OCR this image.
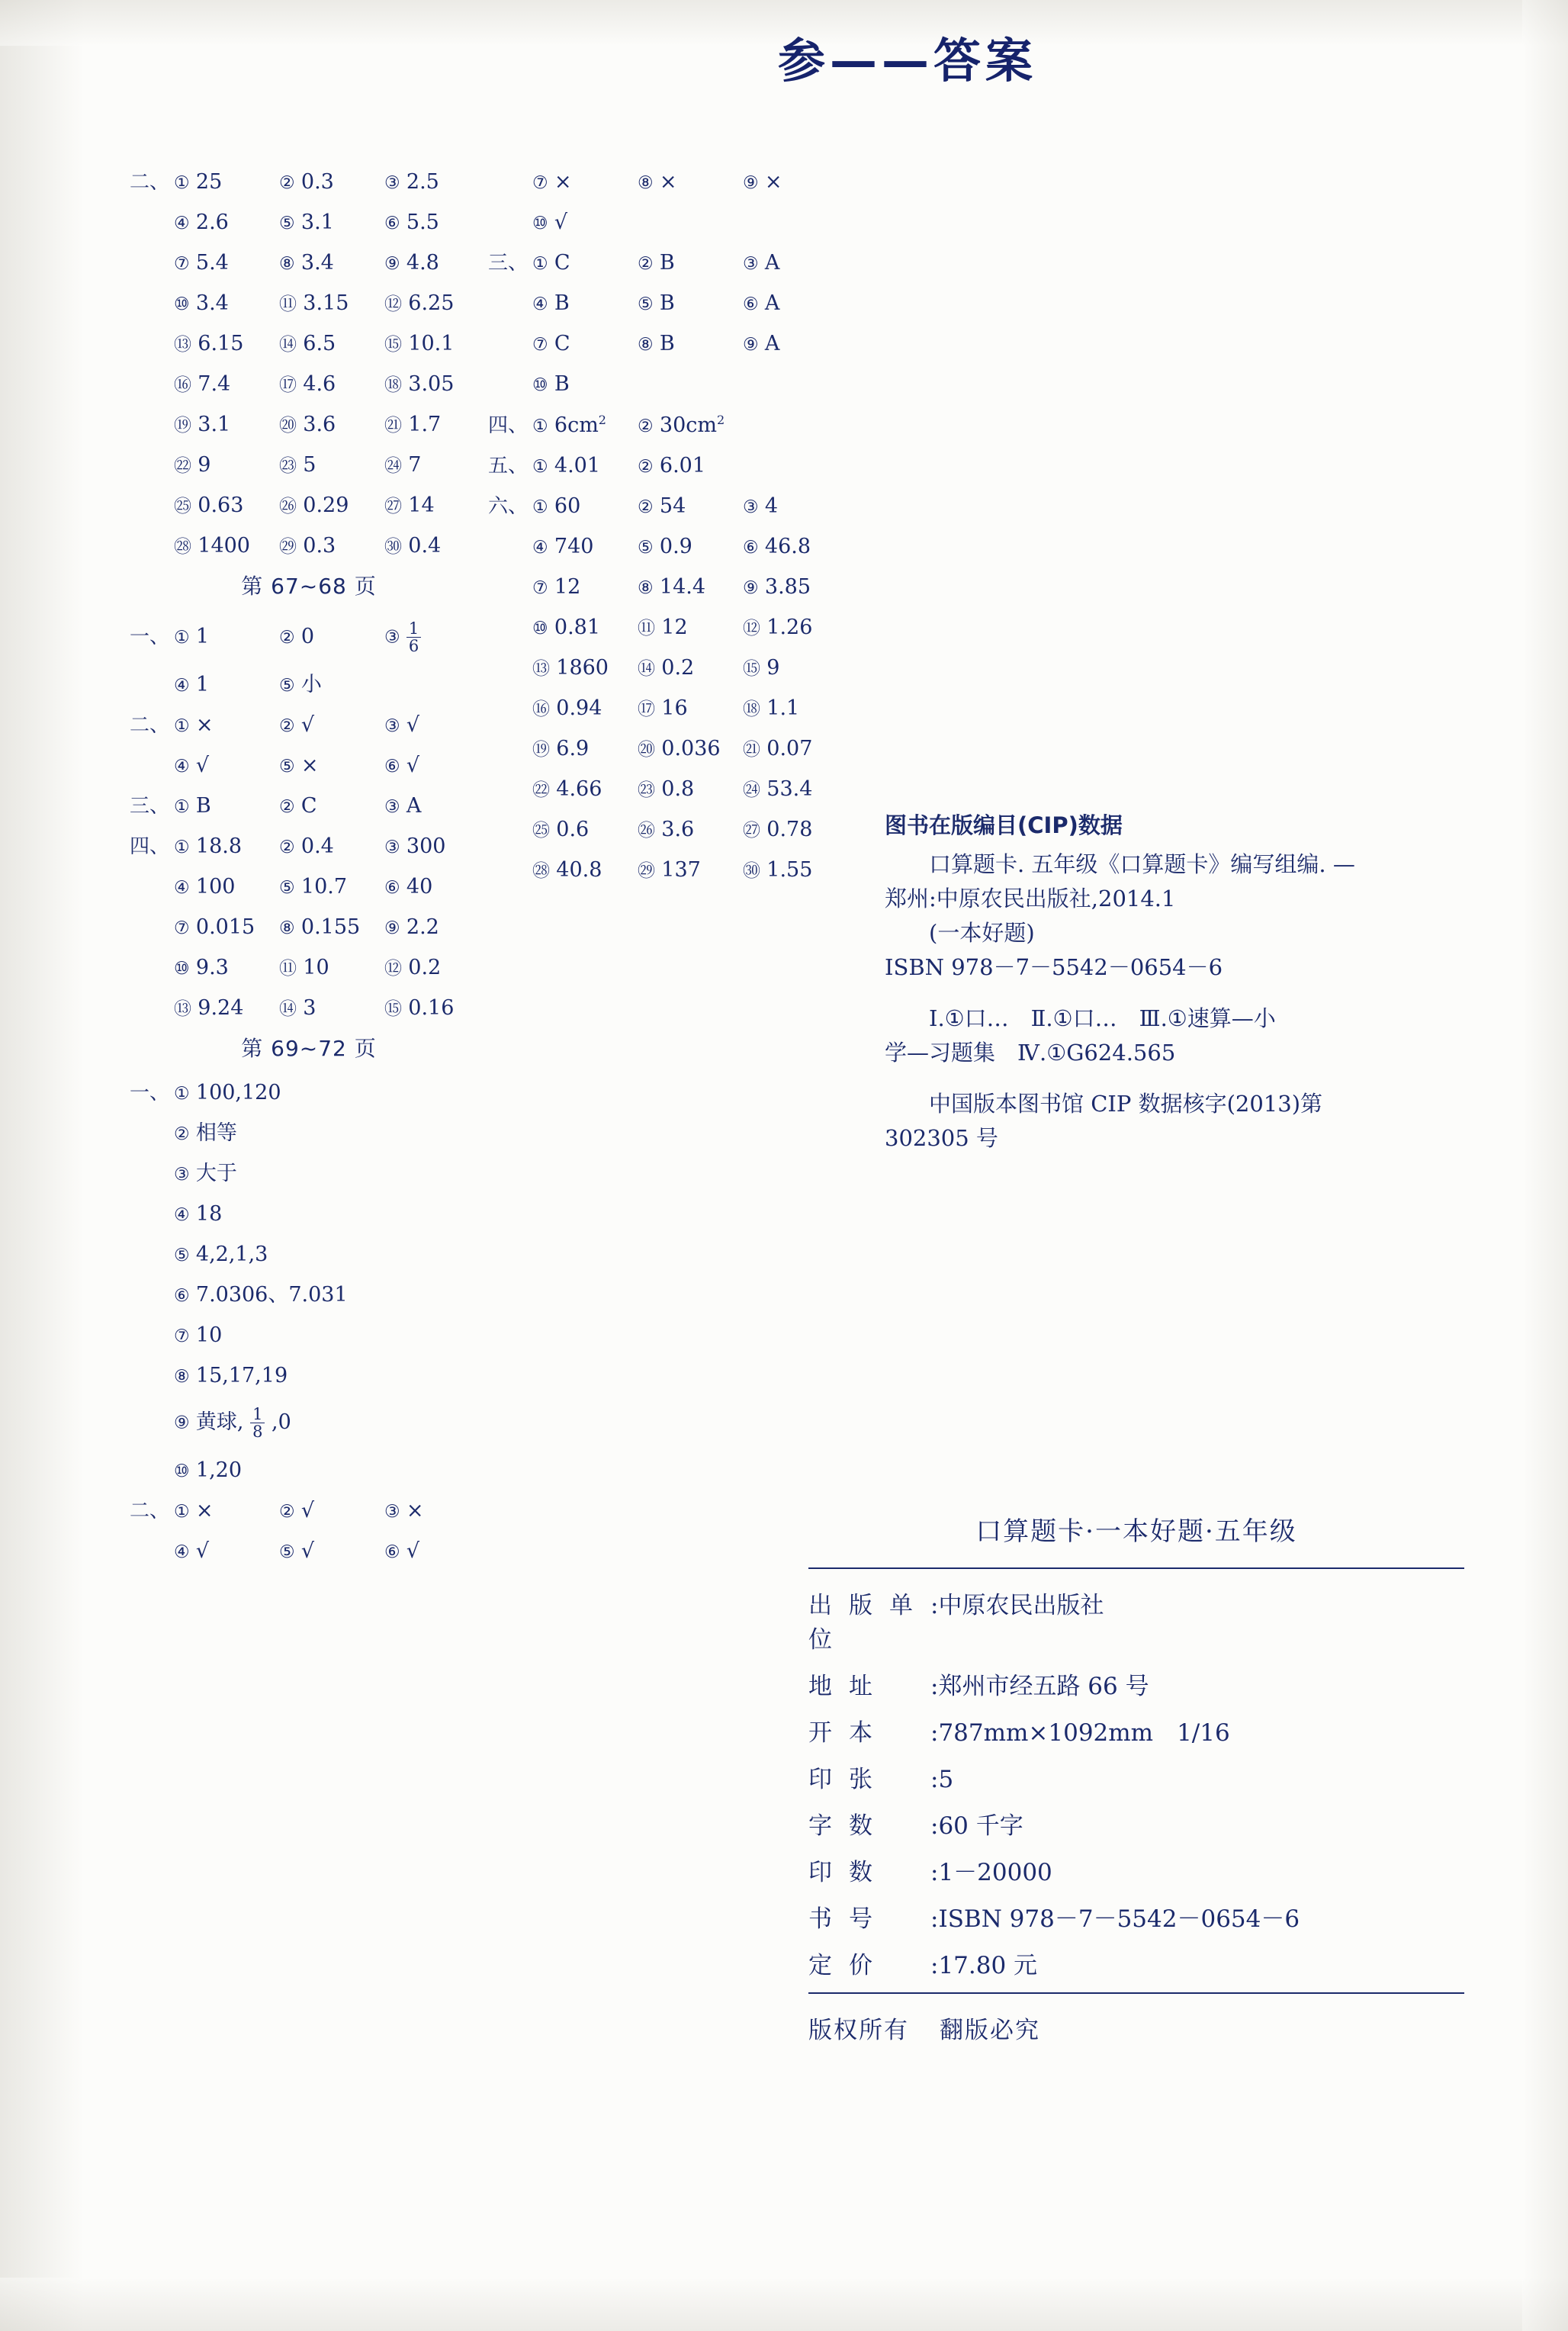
参——答案
二、 ① 25	② 0.3	③ 2.5
④ 2.6	⑤ 3.1	⑥ 5.5
⑦ 5.4	⑧ 3.4	⑨ 4.8
⑩ 3.4	⑪ 3.15	⑫ 6.25
⑬ 6.15	⑭ 6.5	⑮ 10.1
⑯ 7.4	⑰ 4.6	⑱ 3.05
⑲ 3.1	⑳ 3.6	㉑ 1.7
㉒ 9	㉓ 5	㉔ 7
㉕ 0.63	㉖ 0.29	㉗ 14
㉘ 1400	㉙ 0.3	㉚ 0.4
第 67~68 页
一、 ① 1	② 0	③ $\frac{1}{6}$
④ 1	⑤ 小
二、 ① ×	② √	③ √
④ √	⑤ ×	⑥ √
三、 ① B	② C	③ A
四、 ① 18.8	② 0.4	③ 300
④ 100	⑤ 10.7	⑥ 40
⑦ 0.015	⑧ 0.155	⑨ 2.2
⑩ 9.3	⑪ 10	⑫ 0.2
⑬ 9.24	⑭ 3	⑮ 0.16
第 69~72 页
一、 ① 100,120
② 相等
③ 大于
④ 18
⑤ 4,2,1,3
⑥ 7.0306、7.031
⑦ 10
⑧ 15,17,19
⑨ 黄球, $\frac{1}{8} ,0$
⑩ 1,20
二、 ① ×	② √	③ ×
④ √	⑤ √	⑥ √
⑦ ×	⑧ ×	⑨ ×
⑩ √
三、 ① C	② B	③ A
④ B	⑤ B	⑥ A
⑦ C	⑧ B	⑨ A
⑩ B
四、 ① $6cm^2$	② $30cm^2$
五、 ① 4.01	② 6.01
六、 ① 60	② 54	③ 4
④ 740	⑤ 0.9	⑥ 46.8
⑦ 12	⑧ 14.4	⑨ 3.85
⑩ 0.81	⑪ 12	⑫ 1.26
⑬ 1860	⑭ 0.2	⑮ 9
⑯ 0.94	⑰ 16	⑱ 1.1
⑲ 6.9	⑳ 0.036	㉑ 0.07
㉒ 4.66	㉓ 0.8	㉔ 53.4
㉕ 0.6	㉖ 3.6	㉗ 0.78
㉘ 40.8	㉙ 137	㉚ 1.55

图书在版编目(CIP)数据

口算题卡. 五年级《口算题卡》编写组编. —

郑州:中原农民出版社,2014.1

(一本好题)

ISBN 978－7－5542－0654－6

Ⅰ.①口…　Ⅱ.①口…　Ⅲ.①速算—小

学—习题集　Ⅳ.①G624.565

中国版本图书馆 CIP 数据核字(2013)第

302305 号

口算题卡·一本好题·五年级
出版单位
:中原农民出版社
地址	:郑州市经五路 66 号
开本	:787mm×1092mm　1/16
印张	:5
字数	:60 千字
印数	:1－20000
书号	:ISBN 978－7－5542－0654－6
定价	:17.80 元
版权所有 翻版必究
